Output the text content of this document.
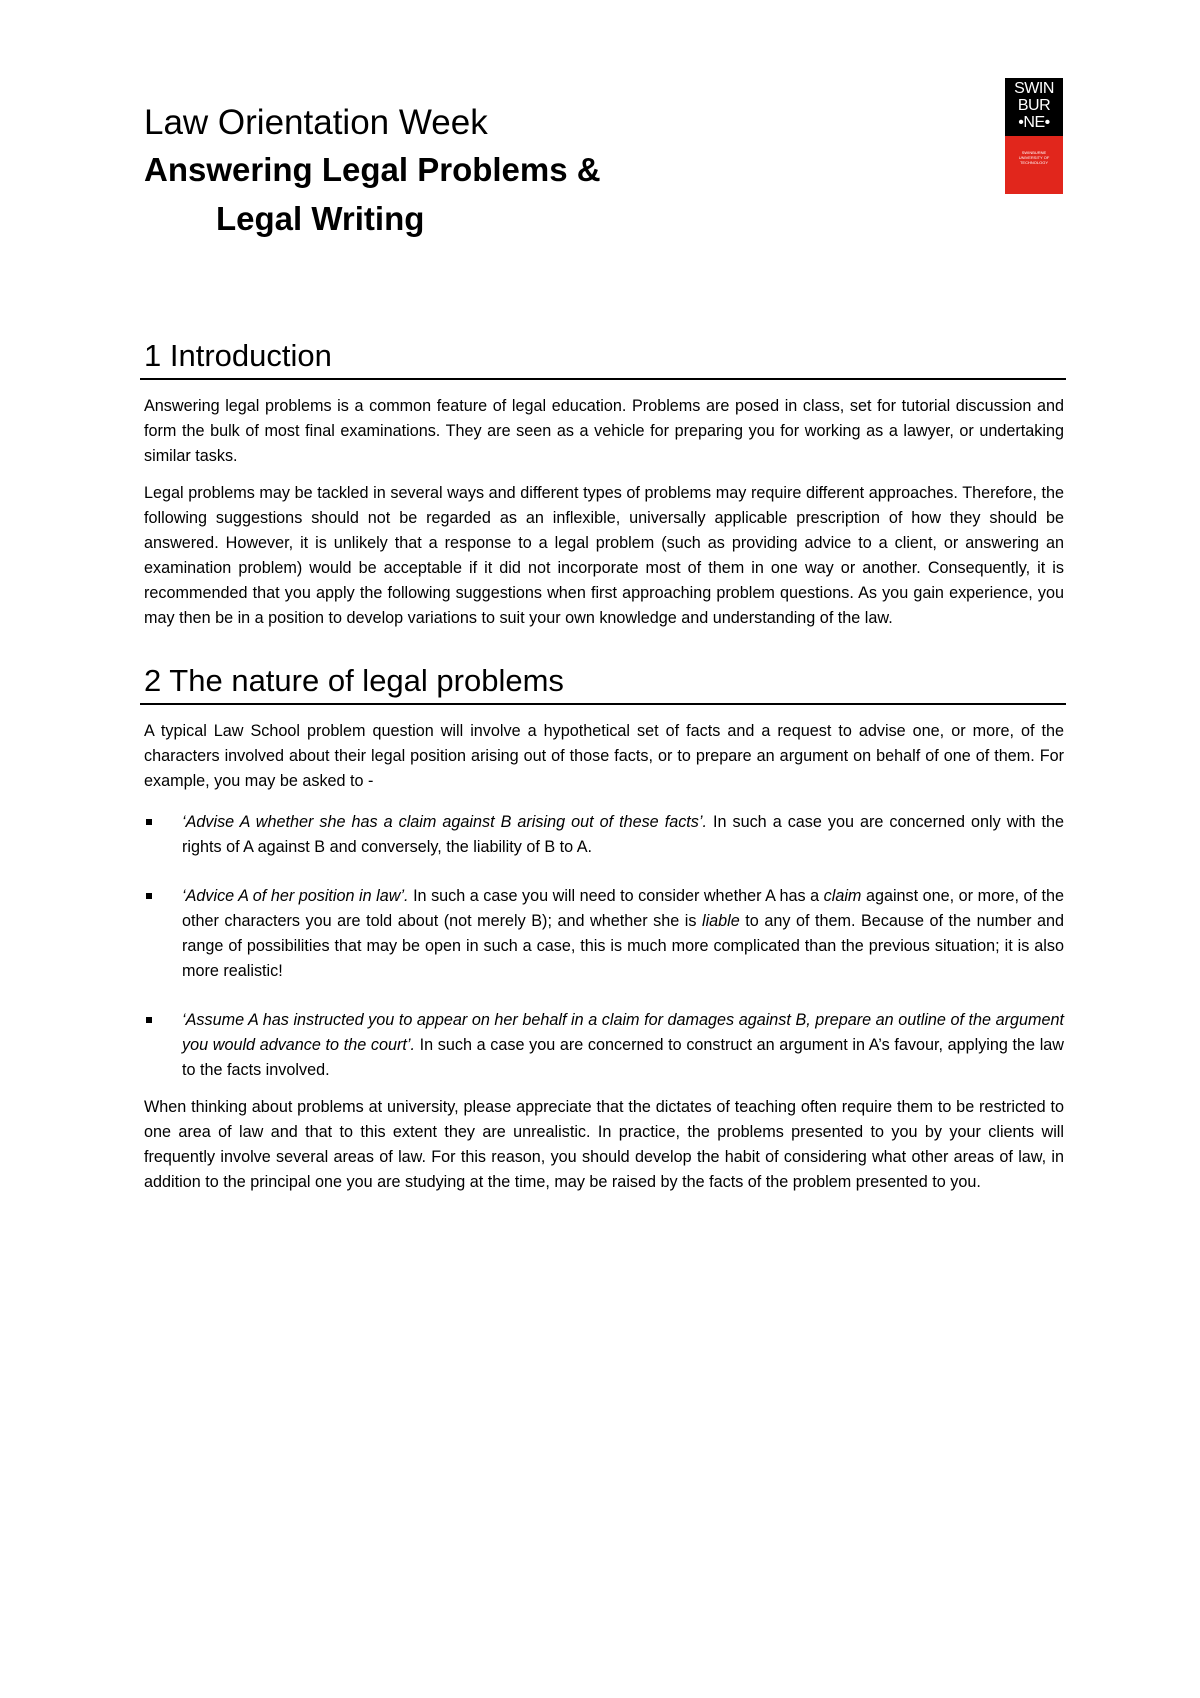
Law Orientation Week
Answering Legal Problems &
Legal Writing
SWIN
BUR
•NE•
SWINBURNE
UNIVERSITY OF
TECHNOLOGY
1 Introduction

Answering legal problems is a common feature of legal education. Problems are posed in class, set for tutorial discussion and form the bulk of most final examinations. They are seen as a vehicle for preparing you for working as a lawyer, or undertaking similar tasks.

Legal problems may be tackled in several ways and different types of problems may require different approaches. Therefore, the following suggestions should not be regarded as an inflexible, universally applicable prescription of how they should be answered. However, it is unlikely that a response to a legal problem (such as providing advice to a client, or answering an examination problem) would be acceptable if it did not incorporate most of them in one way or another. Consequently, it is recommended that you apply the following suggestions when first approaching problem questions. As you gain experience, you may then be in a position to develop variations to suit your own knowledge and understanding of the law.

2 The nature of legal problems

A typical Law School problem question will involve a hypothetical set of facts and a request to advise one, or more, of the characters involved about their legal position arising out of those facts, or to prepare an argument on behalf of one of them. For example, you may be asked to -

‘Advise A whether she has a claim against B arising out of these facts’. In such a case you are concerned only with the rights of A against B and conversely, the liability of B to A.
‘Advice A of her position in law’. In such a case you will need to consider whether A has a claim against one, or more, of the other characters you are told about (not merely B); and whether she is liable to any of them. Because of the number and range of possibilities that may be open in such a case, this is much more complicated than the previous situation; it is also more realistic!
‘Assume A has instructed you to appear on her behalf in a claim for damages against B, prepare an outline of the argument you would advance to the court’. In such a case you are concerned to construct an argument in A’s favour, applying the law to the facts involved.

When thinking about problems at university, please appreciate that the dictates of teaching often require them to be restricted to one area of law and that to this extent they are unrealistic. In practice, the problems presented to you by your clients will frequently involve several areas of law. For this reason, you should develop the habit of considering what other areas of law, in addition to the principal one you are studying at the time, may be raised by the facts of the problem presented to you.
